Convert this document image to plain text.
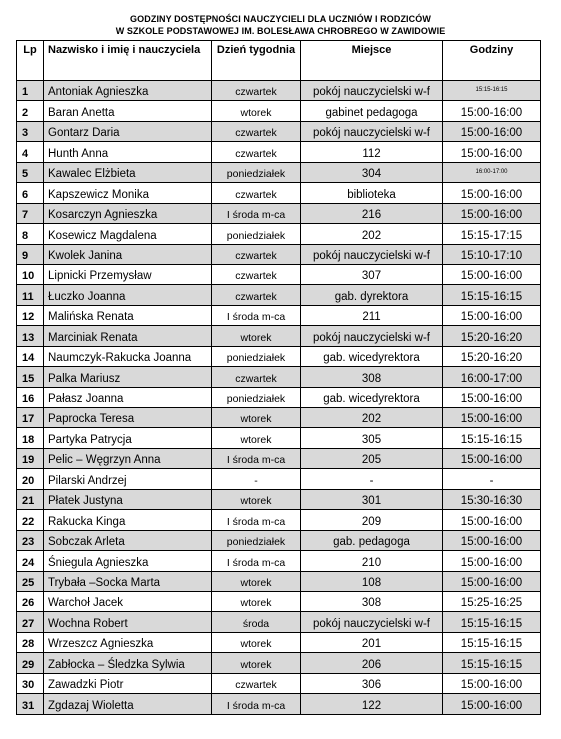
GODZINY DOSTĘPNOŚCI NAUCZYCIELI DLA UCZNIÓW I RODZICÓW
W SZKOLE PODSTAWOWEJ IM. BOLESŁAWA CHROBREGO W ZAWIDOWIE
Lp	Nazwisko i imię i nauczyciela	Dzień tygodnia	Miejsce	Godziny
1	Antoniak Agnieszka	czwartek	pokój nauczycielski w-f	15:15-16:15
2	Baran Anetta	wtorek	gabinet pedagoga	15:00-16:00
3	Gontarz Daria	czwartek	pokój nauczycielski w-f	15:00-16:00
4	Hunth Anna	czwartek	112	15:00-16:00
5	Kawalec Elżbieta	poniedziałek	304	16:00-17:00
6	Kapszewicz Monika	czwartek	biblioteka	15:00-16:00
7	Kosarczyn Agnieszka	I środa m-ca	216	15:00-16:00
8	Kosewicz Magdalena	poniedziałek	202	15:15-17:15
9	Kwolek Janina	czwartek	pokój nauczycielski w-f	15:10-17:10
10	Lipnicki Przemysław	czwartek	307	15:00-16:00
11	Łuczko Joanna	czwartek	gab. dyrektora	15:15-16:15
12	Malińska Renata	I środa m-ca	211	15:00-16:00
13	Marciniak Renata	wtorek	pokój nauczycielski w-f	15:20-16:20
14	Naumczyk-Rakucka Joanna	poniedziałek	gab. wicedyrektora	15:20-16:20
15	Palka Mariusz	czwartek	308	16:00-17:00
16	Pałasz Joanna	poniedziałek	gab. wicedyrektora	15:00-16:00
17	Paprocka Teresa	wtorek	202	15:00-16:00
18	Partyka Patrycja	wtorek	305	15:15-16:15
19	Pelic – Węgrzyn Anna	I środa m-ca	205	15:00-16:00
20	Pilarski Andrzej	-	-	-
21	Płatek Justyna	wtorek	301	15:30-16:30
22	Rakucka Kinga	I środa m-ca	209	15:00-16:00
23	Sobczak Arleta	poniedziałek	gab. pedagoga	15:00-16:00
24	Śniegula Agnieszka	I środa m-ca	210	15:00-16:00
25	Trybała –Socka Marta	wtorek	108	15:00-16:00
26	Warchoł Jacek	wtorek	308	15:25-16:25
27	Wochna Robert	środa	pokój nauczycielski w-f	15:15-16:15
28	Wrzeszcz Agnieszka	wtorek	201	15:15-16:15
29	Zabłocka – Śledzka Sylwia	wtorek	206	15:15-16:15
30	Zawadzki Piotr	czwartek	306	15:00-16:00
31	Zgdazaj Wioletta	I środa m-ca	122	15:00-16:00
